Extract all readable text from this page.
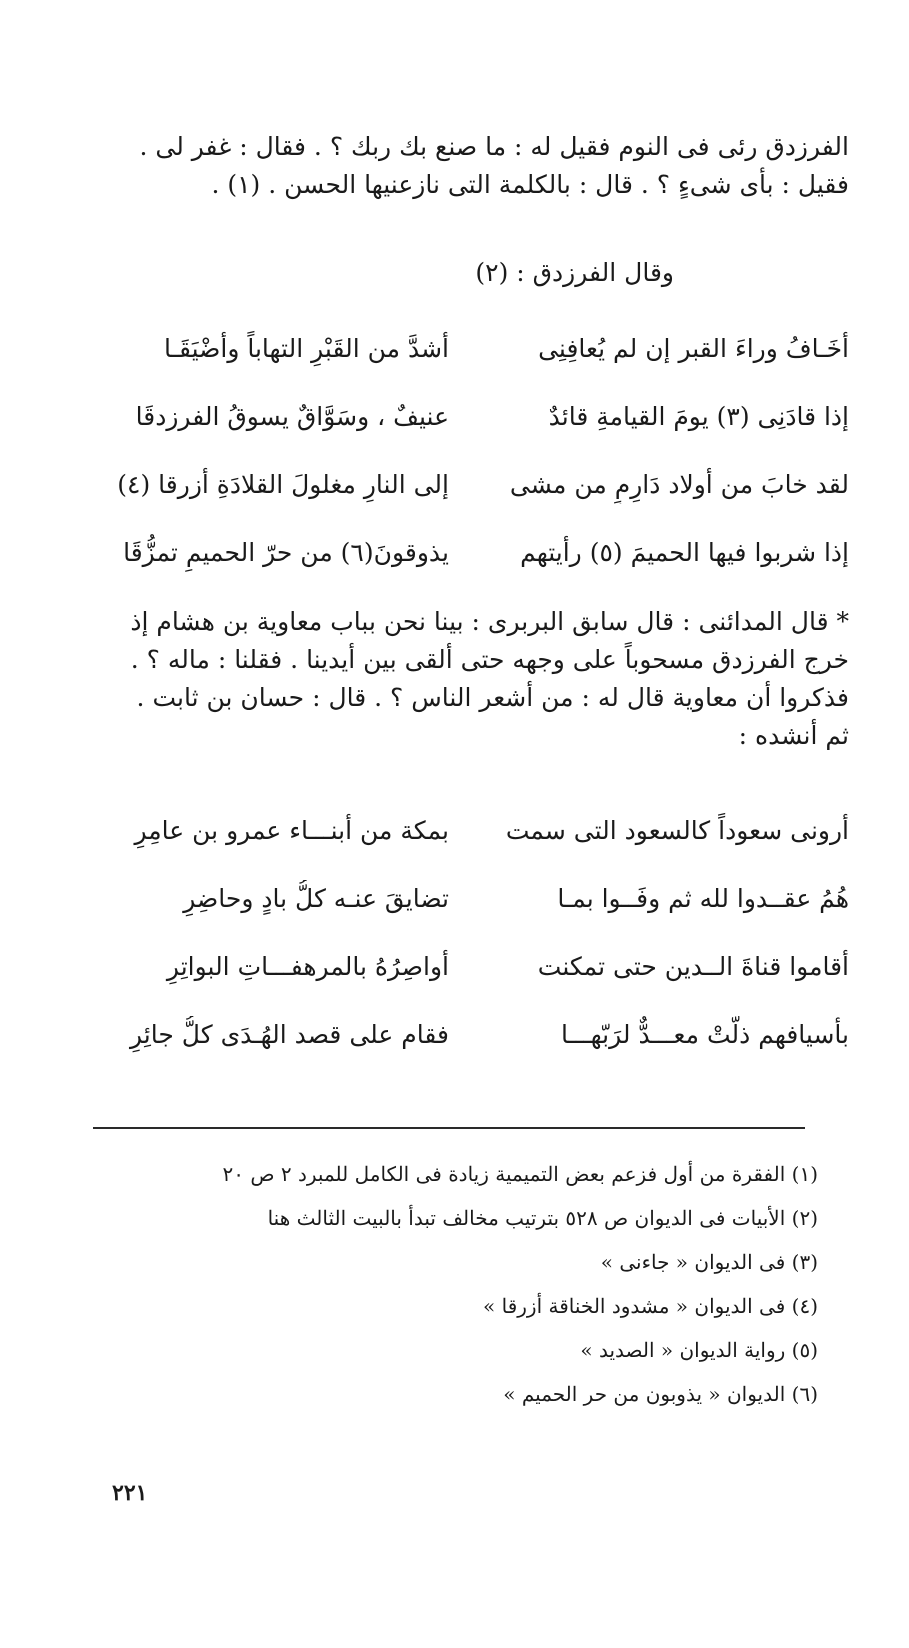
الفرزدق رئى فى النوم فقيل له : ما صنع بك ربك ؟ . فقال : غفر لى .
فقيل : بأى شىءٍ ؟ . قال : بالكلمة التى نازعنيها الحسن . (١) .
وقال الفرزدق : (٢)
أخَـافُ وراءَ القبر إن لم يُعافِنِى
أشدَّ من القَبْرِ التهاباً وأضْيَقَـا
إذا قادَنِى (٣) يومَ القيامةِ قائدٌ
عنيفٌ ، وسَوَّاقٌ يسوقُ الفرزدقَا
لقد خابَ من أولاد دَارِمٍ من مشى
إلى النارِ مغلولَ القلادَةِ أزرقا (٤)
إذا شربوا فيها الحميمَ (٥) رأيتهم
يذوقونَ(٦) من حرّ الحميمِ تمزُّقَا
* قال المدائنى : قال سابق البربرى : بينا نحن بباب معاوية بن هشام إذ
خرج الفرزدق مسحوباً على وجهه حتى ألقى بين أيدينا . فقلنا : ماله ؟ .
فذكروا أن معاوية قال له : من أشعر الناس ؟ . قال : حسان بن ثابت .
ثم أنشده :
أرونى سعوداً كالسعود التى سمت
بمكة من أبنـــاء عمرو بن عامِرِ
هُمُ عقــدوا لله ثم وفَــوا بمـا
تضايقَ عنـه كلُّ بادٍ وحاضِرِ
أقاموا قناةَ الــدين حتى تمكنت
أواصِرُهُ بالمرهفـــاتِ البواتِرِ
بأسيافهم ذلَّتْ معـــدٌّ لرَبّهـــا
فقام على قصد الهُـدَى كلُّ جائِرِ
(١) الفقرة من أول فزعم بعض التميمية زيادة فى الكامل للمبرد ٢ ص ٢٠
(٢) الأبيات فى الديوان ص ٥٢٨ بترتيب مخالف تبدأ بالبيت الثالث هنا
(٣) فى الديوان « جاءنى »
(٤) فى الديوان « مشدود الخناقة أزرقا »
(٥) رواية الديوان « الصديد »
(٦) الديوان « يذوبون من حر الحميم »
٢٢١
